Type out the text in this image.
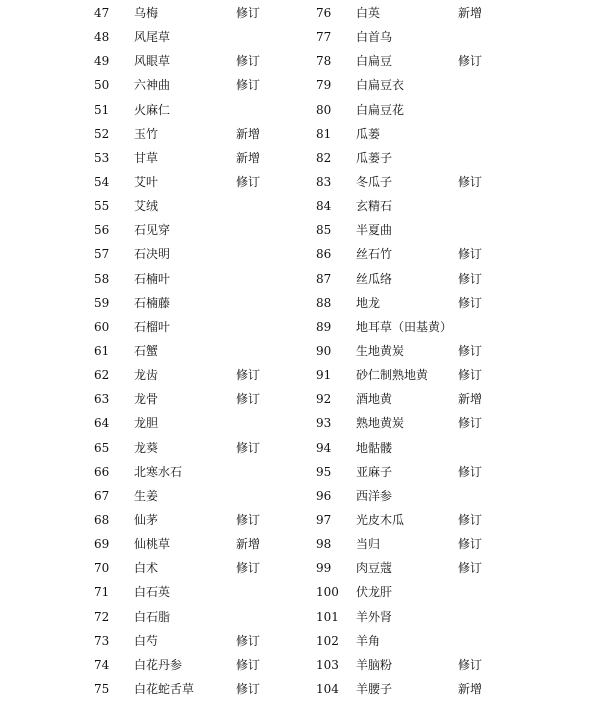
47	乌梅	修订
48	风尾草
49	风眼草	修订
50	六神曲	修订
51	火麻仁
52	玉竹	新增
53	甘草	新增
54	艾叶	修订
55	艾绒
56	石见穿
57	石决明
58	石楠叶
59	石楠藤
60	石榴叶
61	石蟹
62	龙齿	修订
63	龙骨	修订
64	龙胆
65	龙葵	修订
66	北寒水石
67	生姜
68	仙茅	修订
69	仙桃草	新增
70	白术	修订
71	白石英
72	白石脂
73	白芍	修订
74	白花丹参	修订
75	白花蛇舌草	修订
76	白英	新增
77	白首乌
78	白扁豆	修订
79	白扁豆衣
80	白扁豆花
81	瓜蒌
82	瓜蒌子
83	冬瓜子	修订
84	玄精石
85	半夏曲
86	丝石竹	修订
87	丝瓜络	修订
88	地龙	修订
89	地耳草（田基黄）
90	生地黄炭	修订
91	砂仁制熟地黄 修订
92	酒地黄	新增
93	熟地黄炭	修订
94	地骷髅
95	亚麻子	修订
96	西洋参
97	光皮木瓜	修订
98	当归	修订
99	肉豆蔻	修订
100	伏龙肝
101	羊外肾
102	羊角
103	羊脑粉	修订
104	羊腰子	新增
